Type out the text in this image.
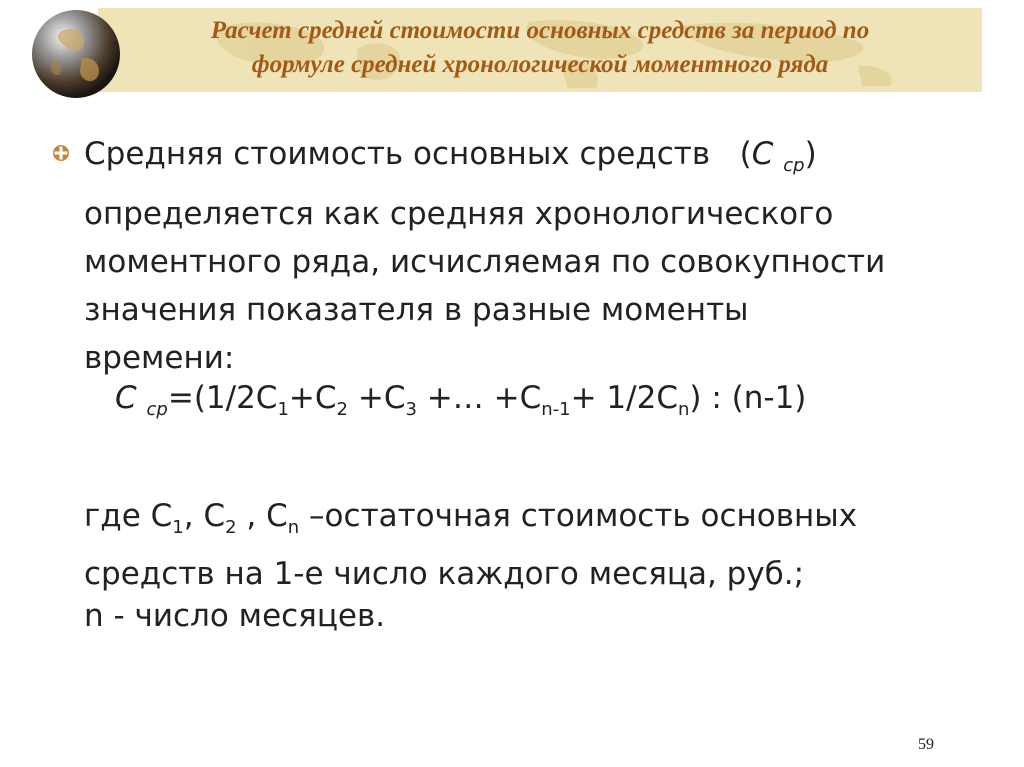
Расчет средней стоимости основных средств за период по
формуле средней хронологической моментного ряда

Средняя стоимость основных средств   (С $_{ср}$)
определяется как средняя хронологического
моментного ряда, исчисляемая по совокупности
значения показателя в разные моменты
времени:

С $_{ср}=(1/2С_1+С_2 +С_3$ +… $+С_{n-1}+ 1/2С_n$) : (n-1)

где $С_1$, $С_2$ , $С_n$ –остаточная стоимость основных
средств на 1-е число каждого месяца, руб.;

n - число месяцев.
59
